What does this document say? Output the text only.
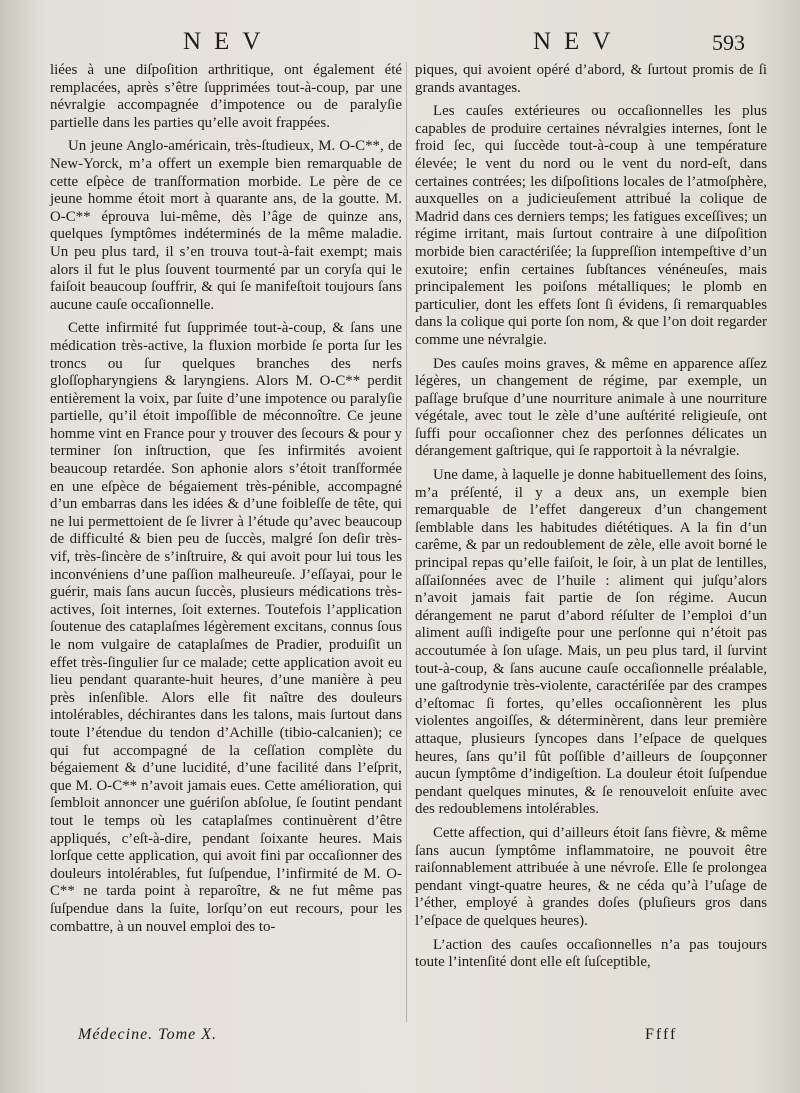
NEV	NEV	593

liées à une diſpoſition arthritique, ont également été remplacées, après s’être ſupprimées tout-à-coup, par une névralgie accompagnée d’impotence ou de paralyſie partielle dans les parties qu’elle avoit frappées.

Un jeune Anglo-américain, très-ſtudieux, M. O-C**, de New-Yorck, m’a offert un exemple bien remarquable de cette eſpèce de tranſformation morbide. Le père de ce jeune homme étoit mort à quarante ans, de la goutte. M. O-C** éprouva lui-même, dès l’âge de quinze ans, quelques ſymptômes indéterminés de la même maladie. Un peu plus tard, il s’en trouva tout-à-fait exempt; mais alors il fut le plus ſouvent tourmenté par un coryſa qui le faiſoit beaucoup ſouffrir, & qui ſe manifeſtoit toujours ſans aucune cauſe occaſionnelle.

Cette infirmité fut ſupprimée tout-à-coup, & ſans une médication très-active, la fluxion morbide ſe porta ſur les troncs ou ſur quelques branches des nerfs gloſſopharyngiens & laryngiens. Alors M. O-C** perdit entièrement la voix, par ſuite d’une impotence ou paralyſie partielle, qu’il étoit impoſſible de méconnoître. Ce jeune homme vint en France pour y trouver des ſecours & pour y terminer ſon inſtruction, que ſes infirmités avoient beaucoup retardée. Son aphonie alors s’étoit tranſformée en une eſpèce de bégaiement très-pénible, accompagné d’un embarras dans les idées & d’une foibleſſe de tête, qui ne lui permettoient de ſe livrer à l’étude qu’avec beaucoup de difficulté & bien peu de ſuccès, malgré ſon deſir très-vif, très-ſincère de s’inſtruire, & qui avoit pour lui tous les inconvéniens d’une paſſion malheureuſe. J’eſſayai, pour le guérir, mais ſans aucun ſuccès, plusieurs médications très-actives, ſoit internes, ſoit externes. Toutefois l’application ſoutenue des cataplaſmes légèrement excitans, connus ſous le nom vulgaire de cataplaſmes de Pradier, produiſit un effet très-ſingulier ſur ce malade; cette application avoit eu lieu pendant quarante-huit heures, d’une manière à peu près inſenſible. Alors elle fit naître des douleurs intolérables, déchirantes dans les talons, mais ſurtout dans toute l’étendue du tendon d’Achille (tibio-calcanien); ce qui fut accompagné de la ceſſation complète du bégaiement & d’une lucidité, d’une facilité dans l’eſprit, que M. O-C** n’avoit jamais eues. Cette amélioration, qui ſembloit annoncer une guériſon abſolue, ſe ſoutint pendant tout le temps où les cataplaſmes continuèrent d’être appliqués, c’eſt-à-dire, pendant ſoixante heures. Mais lorſque cette application, qui avoit fini par occaſionner des douleurs intolérables, fut ſuſpendue, l’infirmité de M. O-C** ne tarda point à reparoître, & ne fut même pas ſuſpendue dans la ſuite, lorſqu’on eut recours, pour les combattre, à un nouvel emploi des to-

piques, qui avoient opéré d’abord, & ſurtout promis de ſi grands avantages.

Les cauſes extérieures ou occaſionnelles les plus capables de produire certaines névralgies internes, ſont le froid ſec, qui ſuccède tout-à-coup à une température élevée; le vent du nord ou le vent du nord-eſt, dans certaines contrées; les diſpoſitions locales de l’atmoſphère, auxquelles on a judicieuſement attribué la colique de Madrid dans ces derniers temps; les fatigues exceſſives; un régime irritant, mais ſurtout contraire à une diſpoſition morbide bien caractériſée; la ſuppreſſion intempeſtive d’un exutoire; enfin certaines ſubſtances vénéneuſes, mais principalement les poiſons métalliques; le plomb en particulier, dont les effets ſont ſi évidens, ſi remarquables dans la colique qui porte ſon nom, & que l’on doit regarder comme une névralgie.

Des cauſes moins graves, & même en apparence aſſez légères, un changement de régime, par exemple, un paſſage bruſque d’une nourriture animale à une nourriture végétale, avec tout le zèle d’une auſtérité religieuſe, ont ſuffi pour occaſionner chez des perſonnes délicates un dérangement gaſtrique, qui ſe rapportoit à la névralgie.

Une dame, à laquelle je donne habituellement des ſoins, m’a préſenté, il y a deux ans, un exemple bien remarquable de l’effet dangereux d’un changement ſemblable dans les habitudes diététiques. A la fin d’un carême, & par un redoublement de zèle, elle avoit borné le principal repas qu’elle faiſoit, le ſoir, à un plat de lentilles, aſſaiſonnées avec de l’huile : aliment qui juſqu’alors n’avoit jamais fait partie de ſon régime. Aucun dérangement ne parut d’abord réſulter de l’emploi d’un aliment auſſi indigeſte pour une perſonne qui n’étoit pas accoutumée à ſon uſage. Mais, un peu plus tard, il ſurvint tout-à-coup, & ſans aucune cauſe occaſionnelle préalable, une gaſtrodynie très-violente, caractériſée par des crampes d’eſtomac ſi fortes, qu’elles occaſionnèrent les plus violentes angoiſſes, & déterminèrent, dans leur première attaque, plusieurs ſyncopes dans l’eſpace de quelques heures, ſans qu’il fût poſſible d’ailleurs de ſoupçonner aucun ſymptôme d’indigeſtion. La douleur étoit ſuſpendue pendant quelques minutes, & ſe renouveloit enſuite avec des redoublemens intolérables.

Cette affection, qui d’ailleurs étoit ſans fièvre, & même ſans aucun ſymptôme inflammatoire, ne pouvoit être raiſonnablement attribuée à une névroſe. Elle ſe prolongea pendant vingt-quatre heures, & ne céda qu’à l’uſage de l’éther, employé à grandes doſes (pluſieurs gros dans l’eſpace de quelques heures).

L’action des cauſes occaſionnelles n’a pas toujours toute l’intenſité dont elle eſt ſuſceptible,

Médecine. Tome X.	Ffff
